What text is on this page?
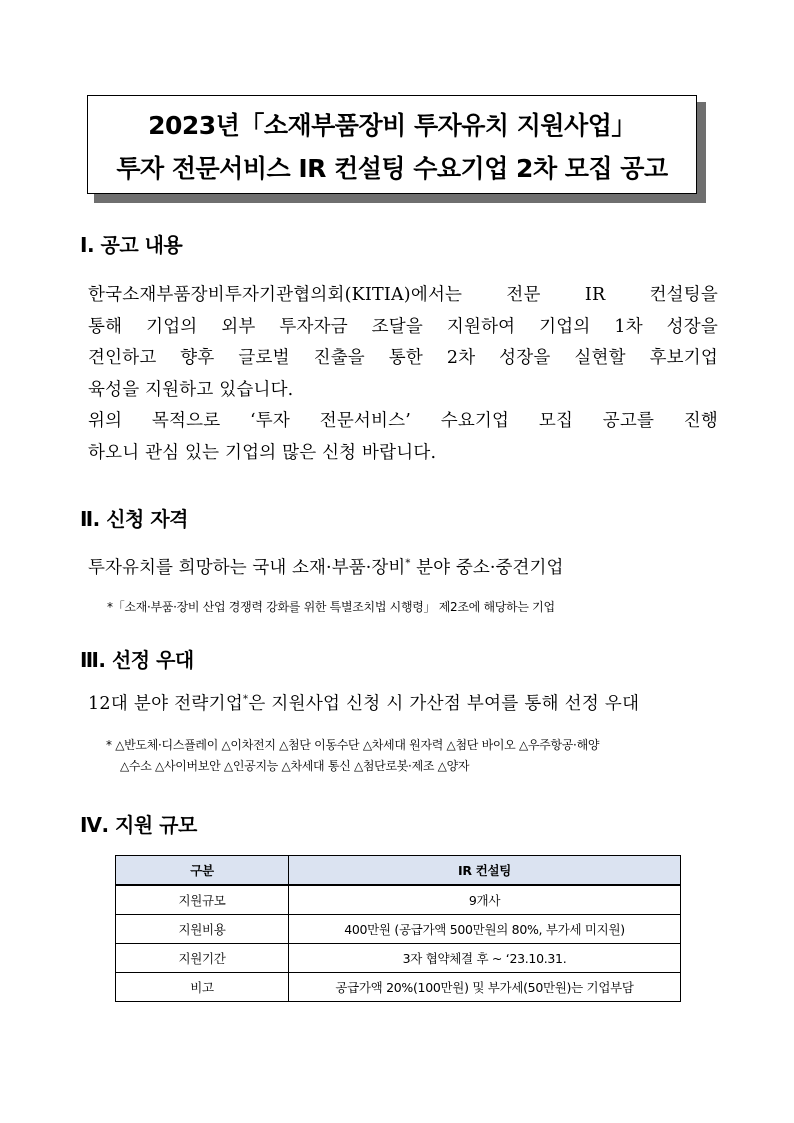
2023년「소재부품장비 투자유치 지원사업」
투자 전문서비스 IR 컨설팅 수요기업 2차 모집 공고
Ⅰ. 공고 내용
한국소재부품장비투자기관협의회(KITIA)에서는 전문 IR 컨설팅을
통해 기업의 외부 투자자금 조달을 지원하여 기업의 1차 성장을
견인하고 향후 글로벌 진출을 통한 2차 성장을 실현할 후보기업
육성을 지원하고 있습니다.
위의 목적으로 ‘투자 전문서비스’ 수요기업 모집 공고를 진행
하오니 관심 있는 기업의 많은 신청 바랍니다.
Ⅱ. 신청 자격
투자유치를 희망하는 국내 소재·부품·장비* 분야 중소·중견기업
*「소재·부품·장비 산업 경쟁력 강화를 위한 특별조치법 시행령」 제2조에 해당하는 기업
Ⅲ. 선정 우대
12대 분야 전략기업*은 지원사업 신청 시 가산점 부여를 통해 선정 우대
* △반도체·디스플레이 △이차전지 △첨단 이동수단 △차세대 원자력 △첨단 바이오 △우주항공·해양
△수소 △사이버보안 △인공지능 △차세대 통신 △첨단로봇·제조 △양자
Ⅳ. 지원 규모
구분	IR 컨설팅
지원규모	9개사
지원비용	400만원 (공급가액 500만원의 80%, 부가세 미지원)
지원기간	3자 협약체결 후 ~ ‘23.10.31.
비고	공급가액 20%(100만원) 및 부가세(50만원)는 기업부담
